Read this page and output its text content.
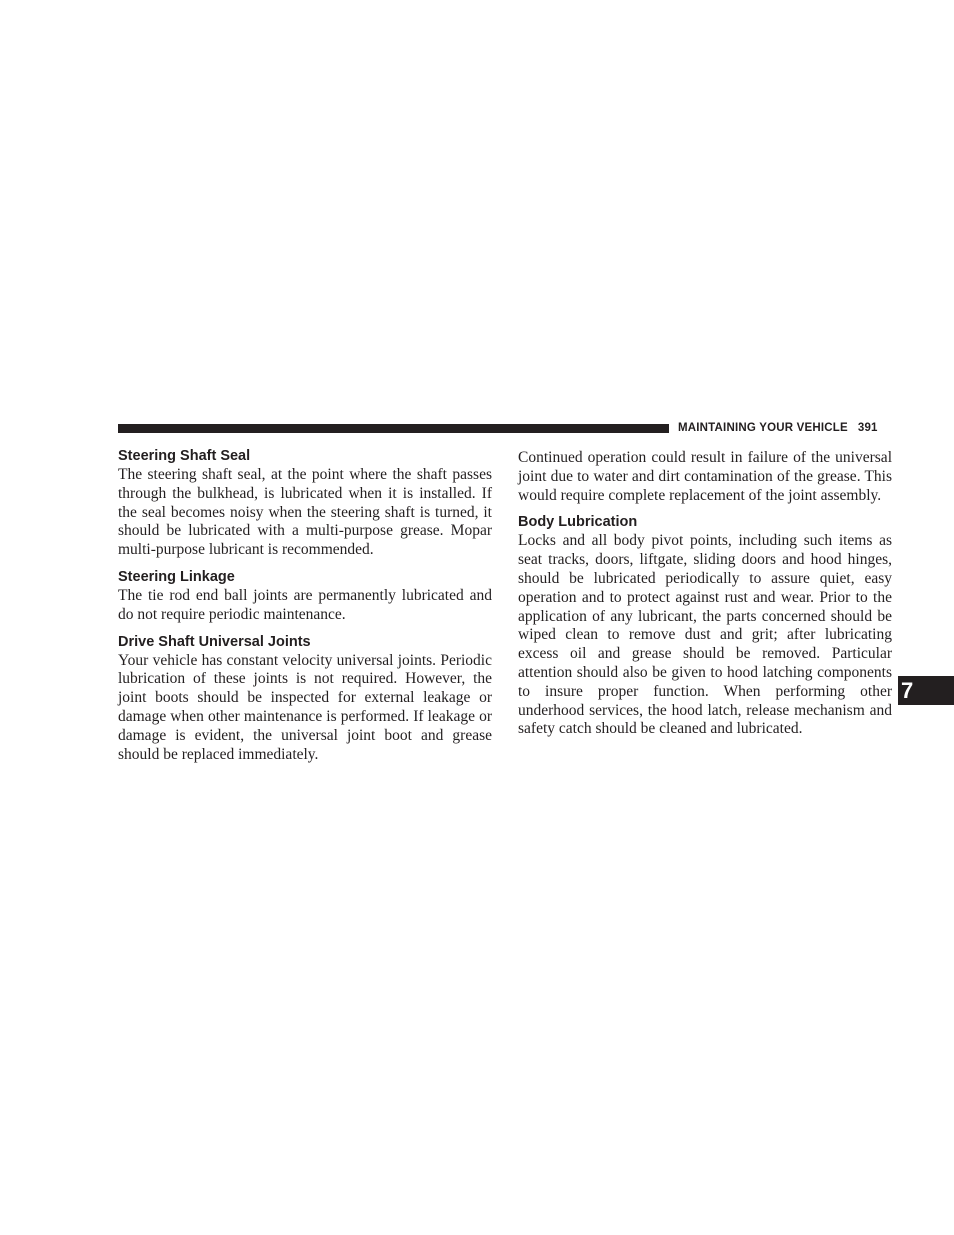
MAINTAINING YOUR VEHICLE 391
Steering Shaft Seal

The steering shaft seal, at the point where the shaft passes through the bulkhead, is lubricated when it is installed. If the seal becomes noisy when the steering shaft is turned, it should be lubricated with a multi-purpose grease. Mopar multi-purpose lubricant is recommended.

Steering Linkage

The tie rod end ball joints are permanently lubricated and do not require periodic maintenance.

Drive Shaft Universal Joints

Your vehicle has constant velocity universal joints. Periodic lubrication of these joints is not required. However, the joint boots should be inspected for external leakage or damage when other maintenance is performed. If leakage or damage is evident, the universal joint boot and grease should be replaced immediately.

Continued operation could result in failure of the universal joint due to water and dirt contamination of the grease. This would require complete replacement of the joint assembly.

Body Lubrication

Locks and all body pivot points, including such items as seat tracks, doors, liftgate, sliding doors and hood hinges, should be lubricated periodically to assure quiet, easy operation and to protect against rust and wear. Prior to the application of any lubricant, the parts concerned should be wiped clean to remove dust and grit; after lubricating excess oil and grease should be removed. Particular attention should also be given to hood latching components to insure proper function. When performing other underhood services, the hood latch, release mechanism and safety catch should be cleaned and lubricated.

7
